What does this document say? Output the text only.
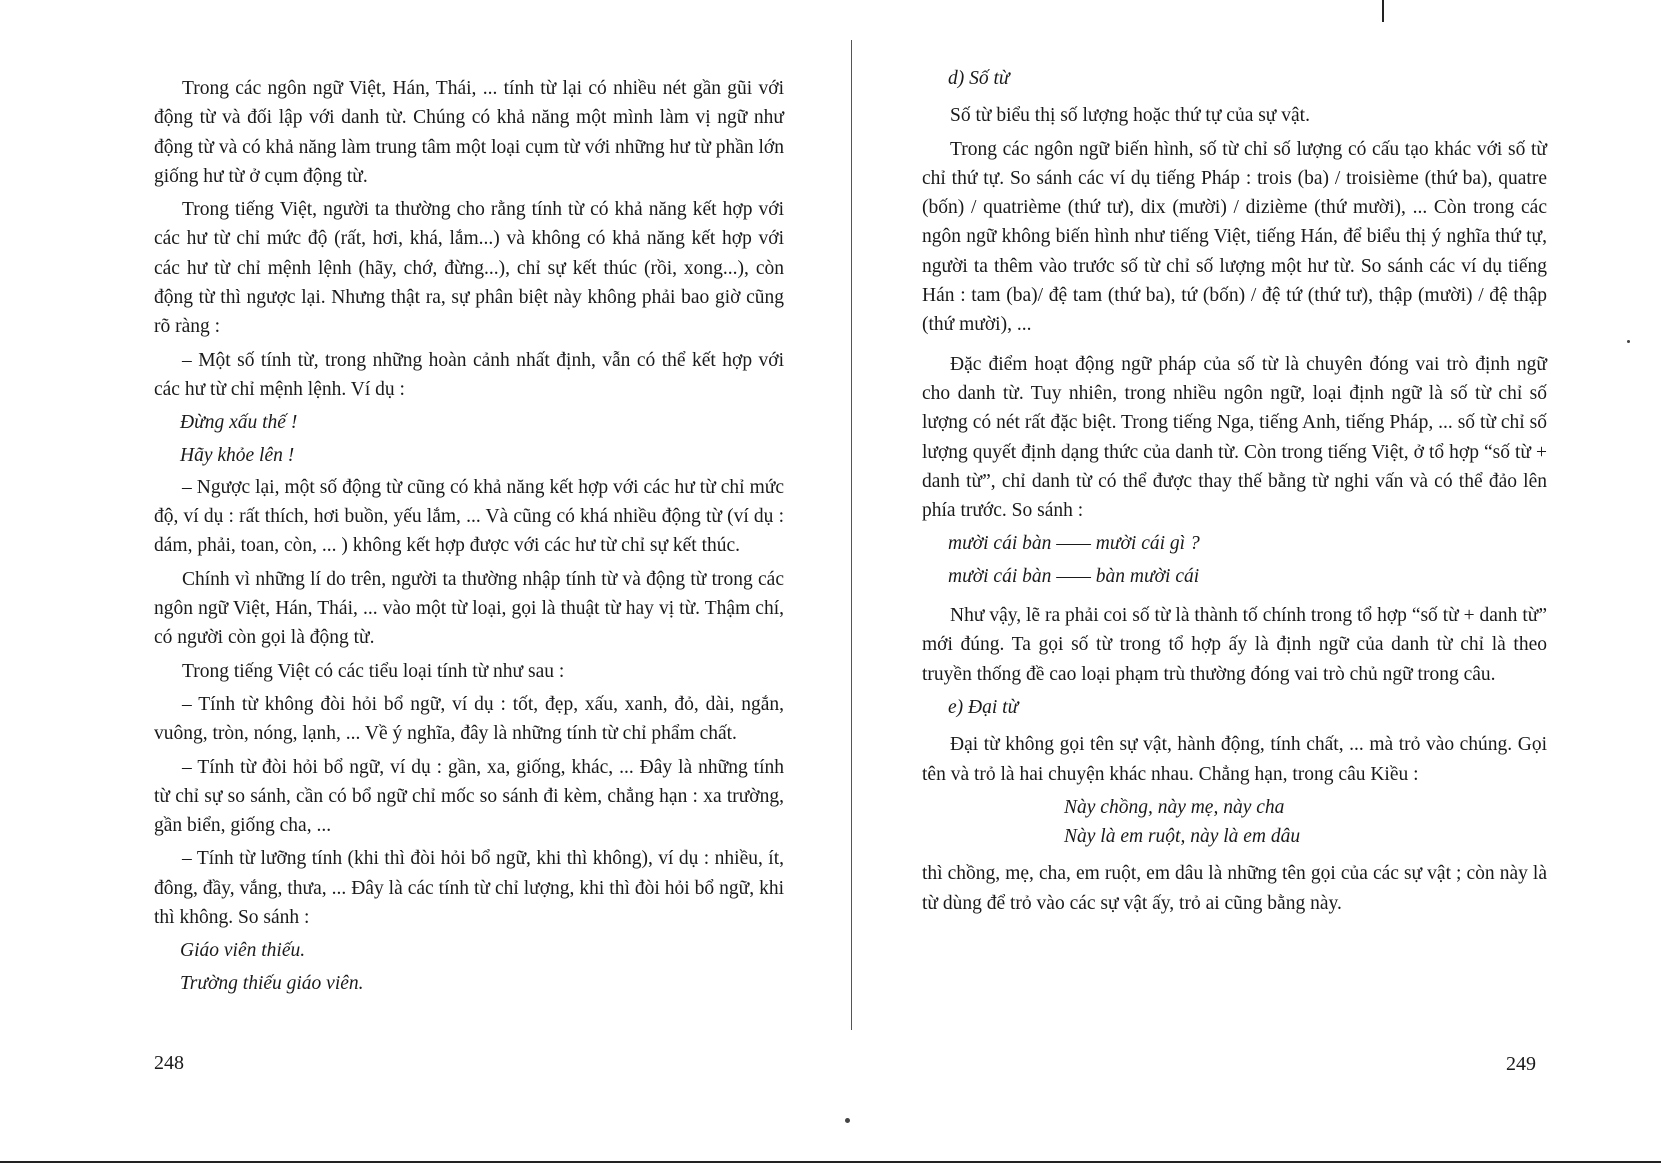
Trong các ngôn ngữ Việt, Hán, Thái, ... tính từ lại có nhiều nét gần gũi với động từ và đối lập với danh từ. Chúng có khả năng một mình làm vị ngữ như động từ và có khả năng làm trung tâm một loại cụm từ với những hư từ phần lớn giống hư từ ở cụm động từ.

Trong tiếng Việt, người ta thường cho rằng tính từ có khả năng kết hợp với các hư từ chỉ mức độ (rất, hơi, khá, lắm...) và không có khả năng kết hợp với các hư từ chỉ mệnh lệnh (hãy, chớ, đừng...), chỉ sự kết thúc (rồi, xong...), còn động từ thì ngược lại. Nhưng thật ra, sự phân biệt này không phải bao giờ cũng rõ ràng :

– Một số tính từ, trong những hoàn cảnh nhất định, vẫn có thể kết hợp với các hư từ chỉ mệnh lệnh. Ví dụ :

Đừng xấu thế !

Hãy khỏe lên !

– Ngược lại, một số động từ cũng có khả năng kết hợp với các hư từ chỉ mức độ, ví dụ : rất thích, hơi buồn, yếu lắm, ... Và cũng có khá nhiều động từ (ví dụ : dám, phải, toan, còn, ... ) không kết hợp được với các hư từ chỉ sự kết thúc.

Chính vì những lí do trên, người ta thường nhập tính từ và động từ trong các ngôn ngữ Việt, Hán, Thái, ... vào một từ loại, gọi là thuật từ hay vị từ. Thậm chí, có người còn gọi là động từ.

Trong tiếng Việt có các tiểu loại tính từ như sau :

– Tính từ không đòi hỏi bổ ngữ, ví dụ : tốt, đẹp, xấu, xanh, đỏ, dài, ngắn, vuông, tròn, nóng, lạnh, ... Về ý nghĩa, đây là những tính từ chỉ phẩm chất.

– Tính từ đòi hỏi bổ ngữ, ví dụ : gần, xa, giống, khác, ... Đây là những tính từ chỉ sự so sánh, cần có bổ ngữ chỉ mốc so sánh đi kèm, chẳng hạn : xa trường, gần biển, giống cha, ...

– Tính từ lưỡng tính (khi thì đòi hỏi bổ ngữ, khi thì không), ví dụ : nhiều, ít, đông, đầy, vắng, thưa, ... Đây là các tính từ chỉ lượng, khi thì đòi hỏi bổ ngữ, khi thì không. So sánh :

Giáo viên thiếu.

Trường thiếu giáo viên.

248

d) Số từ

Số từ biểu thị số lượng hoặc thứ tự của sự vật.

Trong các ngôn ngữ biến hình, số từ chỉ số lượng có cấu tạo khác với số từ chỉ thứ tự. So sánh các ví dụ tiếng Pháp : trois (ba) / troisième (thứ ba), quatre (bốn) / quatrième (thứ tư), dix (mười) / dizième (thứ mười), ... Còn trong các ngôn ngữ không biến hình như tiếng Việt, tiếng Hán, để biểu thị ý nghĩa thứ tự, người ta thêm vào trước số từ chỉ số lượng một hư từ. So sánh các ví dụ tiếng Hán : tam (ba)/ đệ tam (thứ ba), tứ (bốn) / đệ tứ (thứ tư), thập (mười) / đệ thập (thứ mười), ...

Đặc điểm hoạt động ngữ pháp của số từ là chuyên đóng vai trò định ngữ cho danh từ. Tuy nhiên, trong nhiều ngôn ngữ, loại định ngữ là số từ chỉ số lượng có nét rất đặc biệt. Trong tiếng Nga, tiếng Anh, tiếng Pháp, ... số từ chỉ số lượng quyết định dạng thức của danh từ. Còn trong tiếng Việt, ở tổ hợp “số từ + danh từ”, chỉ danh từ có thể được thay thế bằng từ nghi vấn và có thể đảo lên phía trước. So sánh :

mười cái bàn —— mười cái gì ?

mười cái bàn —— bàn mười cái

Như vậy, lẽ ra phải coi số từ là thành tố chính trong tổ hợp “số từ + danh từ” mới đúng. Ta gọi số từ trong tổ hợp ấy là định ngữ của danh từ chỉ là theo truyền thống đề cao loại phạm trù thường đóng vai trò chủ ngữ trong câu.

e) Đại từ

Đại từ không gọi tên sự vật, hành động, tính chất, ... mà trỏ vào chúng. Gọi tên và trỏ là hai chuyện khác nhau. Chẳng hạn, trong câu Kiều :

Này chồng, này mẹ, này cha

Này là em ruột, này là em dâu

thì chồng, mẹ, cha, em ruột, em dâu là những tên gọi của các sự vật ; còn này là từ dùng để trỏ vào các sự vật ấy, trỏ ai cũng bằng này.

249
